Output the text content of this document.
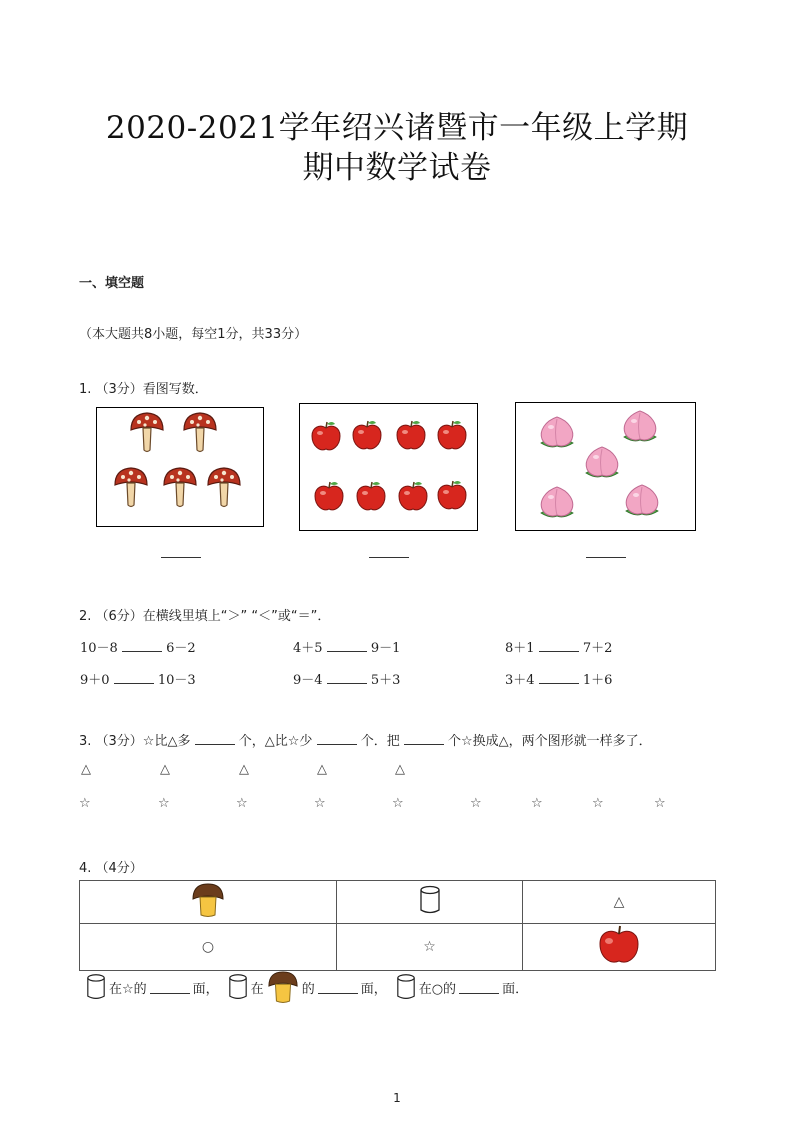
2020-2021学年绍兴诸暨市一年级上学期
期中数学试卷
一、填空题
（本大题共8小题，每空1分，共33分）
1. （3分）看图写数．
2. （6分）在横线里填上“＞” “＜”或“＝”．
10－8	6－2	4＋5	9－1	8＋1	7＋2
9＋0	10－3	9－4	5＋3	3＋4	1＋6
3. （3分）☆比△多	个，△比☆少	个．把	个☆换成△，两个图形就一样多了．
△	△	△	△	△
☆	☆	☆	☆	☆	☆	☆	☆	☆
4. （4分）
		△
○	☆	
在☆的	面， 在	的	面， 在○的	面．
1
